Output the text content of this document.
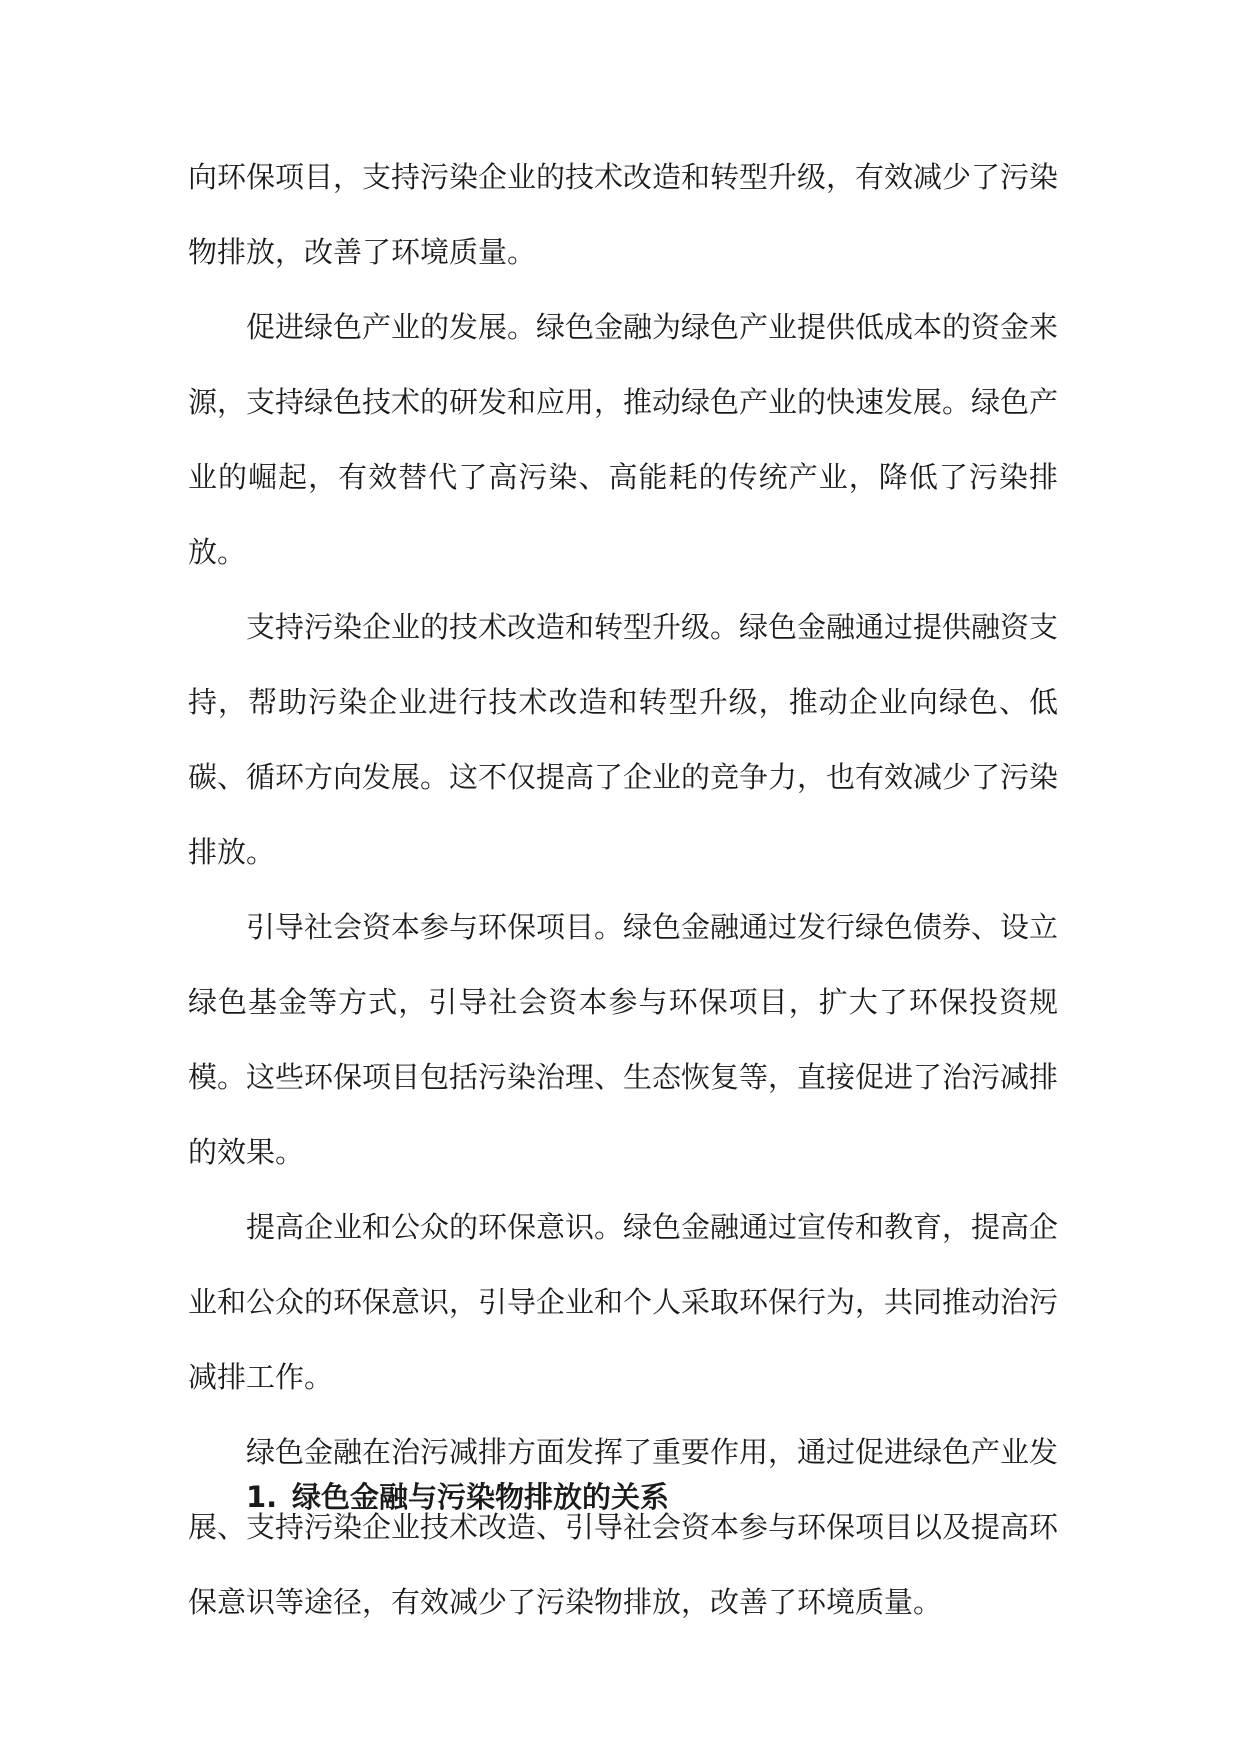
向环保项目，支持污染企业的技术改造和转型升级，有效减少了污染物排放，改善了环境质量。

促进绿色产业的发展。绿色金融为绿色产业提供低成本的资金来源，支持绿色技术的研发和应用，推动绿色产业的快速发展。绿色产业的崛起，有效替代了高污染、高能耗的传统产业，降低了污染排放。

支持污染企业的技术改造和转型升级。绿色金融通过提供融资支持，帮助污染企业进行技术改造和转型升级，推动企业向绿色、低碳、循环方向发展。这不仅提高了企业的竞争力，也有效减少了污染排放。

引导社会资本参与环保项目。绿色金融通过发行绿色债券、设立绿色基金等方式，引导社会资本参与环保项目，扩大了环保投资规模。这些环保项目包括污染治理、生态恢复等，直接促进了治污减排的效果。

提高企业和公众的环保意识。绿色金融通过宣传和教育，提高企业和公众的环保意识，引导企业和个人采取环保行为，共同推动治污减排工作。

绿色金融在治污减排方面发挥了重要作用，通过促进绿色产业发展、支持污染企业技术改造、引导社会资本参与环保项目以及提高环保意识等途径，有效减少了污染物排放，改善了环境质量。

1. 绿色金融与污染物排放的关系
